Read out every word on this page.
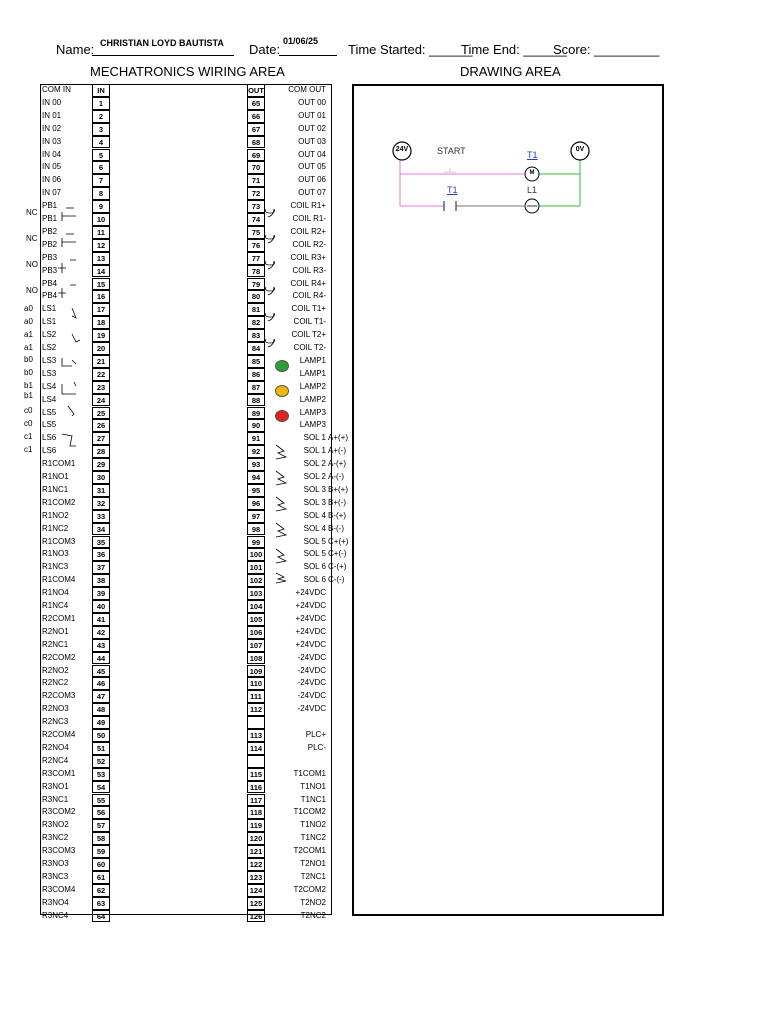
Name: CHRISTIAN LOYD BAUTISTA Date:
01/06/25
Time Started: ______
Time End: ______
Score: _________
MECHATRONICS WIRING AREA	DRAWING AREA
COM IN	IN	OUT	COM OUT
IN 00	1	65	OUT 00
IN 01	2	66	OUT 01
IN 02	3	67	OUT 02
IN 03	4	68	OUT 03
IN 04	5	69	OUT 04
IN 05	6	70	OUT 05
IN 06	7	71	OUT 06
IN 07	8	72	OUT 07
PB1	9	73	COIL R1+
PB1	10	74	COIL R1-
PB2	11	75	COIL R2+
PB2	12	76	COIL R2-
PB3	13	77	COIL R3+
PB3	14	78	COIL R3-
PB4	15	79	COIL R4+
PB4	16	80	COIL R4-
LS1	17	81	COIL T1+
LS1	18	82	COIL T1-
LS2	19	83	COIL T2+
LS2	20	84	COIL T2-
LS3	21	85	LAMP1
LS3	22	86	LAMP1
LS4	23	87	LAMP2
LS4	24	88	LAMP2
LS5	25	89	LAMP3
LS5	26	90	LAMP3
LS6	27	91	SOL 1 A+(+)
LS6	28	92	SOL 1 A+(-)
R1COM1	29	93	SOL 2 A-(+)
R1NO1	30	94	SOL 2 A-(-)
R1NC1	31	95	SOL 3 B+(+)
R1COM2	32	96	SOL 3 B+(-)
R1NO2	33	97	SOL 4 B-(+)
R1NC2	34	98	SOL 4 B-(-)
R1COM3	35	99	SOL 5 C+(+)
R1NO3	36	100	SOL 5 C+(-)
R1NC3	37	101	SOL 6 C-(+)
R1COM4	38	102	SOL 6 C-(-)
R1NO4	39	103	+24VDC
R1NC4	40	104	+24VDC
R2COM1	41	105	+24VDC
R2NO1	42	106	+24VDC
R2NC1	43	107	+24VDC
R2COM2	44	108	-24VDC
R2NO2	45	109	-24VDC
R2NC2	46	110	-24VDC
R2COM3	47	111	-24VDC
R2NO3	48	112	-24VDC
R2NC3	49
R2COM4	50	113	PLC+
R2NO4	51	114	PLC-
R2NC4	52
R3COM1	53	115	T1COM1
R3NO1	54	116	T1NO1
R3NC1	55	117	T1NC1
R3COM2	56	118	T1COM2
R3NO2	57	119	T1NO2
R3NC2	58	120	T1NC2
R3COM3	59	121	T2COM1
R3NO3	60	122	T2NO1
R3NC3	61	123	T2NC1
R3COM4	62	124	T2COM2
R3NO4	63	125	T2NO2
R3NC4	64	126	T2NC2
NC
NC
NO
NO
a0
a0
a1
a1
b0
b0
b1
b1
c0
c0
c1
c1
24V	0V
START	T1
M
T1	L1
